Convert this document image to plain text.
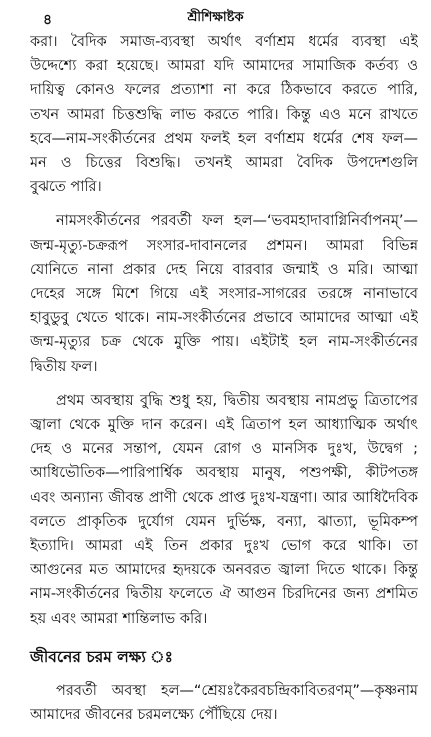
৪	শ্রীশিক্ষাষ্টক
করা। বৈদিক সমাজ-ব্যবস্থা অর্থাৎ বর্ণাশ্রম ধর্মের ব্যবস্থা এই
উদ্দেশ্যে করা হয়েছে। আমরা যদি আমাদের সামাজিক কর্তব্য ও
দায়িত্ব কোনও ফলের প্রত্যাশা না করে ঠিকভাবে করতে পারি,
তখন আমরা চিত্তশুদ্ধি লাভ করতে পারি। কিন্তু এও মনে রাখতে
হবে—নাম-সংকীর্তনের প্রথম ফলই হল বর্ণাশ্রম ধর্মের শেষ ফল—
মন ও চিত্তের বিশুদ্ধি। তখনই আমরা বৈদিক উপদেশগুলি
বুঝতে পারি।
নামসংকীর্তনের পরবর্তী ফল হল—‘ভবমহাদাবাগ্নিনির্বাপনম্’—
জন্ম-মৃত্যু-চক্ররূপ সংসার-দাবানলের প্রশমন। আমরা বিভিন্ন
যোনিতে নানা প্রকার দেহ নিয়ে বারবার জন্মাই ও মরি। আত্মা
দেহের সঙ্গে মিশে গিয়ে এই সংসার-সাগরের তরঙ্গে নানাভাবে
হাবুডুবু খেতে থাকে। নাম-সংকীর্তনের প্রভাবে আমাদের আত্মা এই
জন্ম-মৃত্যুর চক্র থেকে মুক্তি পায়। এইটাই হল নাম-সংকীর্তনের
দ্বিতীয় ফল।
প্রথম অবস্থায় বুদ্ধি শুধু হয়, দ্বিতীয় অবস্থায় নামপ্রভু ত্রিতাপের
জ্বালা থেকে মুক্তি দান করেন। এই ত্রিতাপ হল আধ্যাত্মিক অর্থাৎ
দেহ ও মনের সন্তাপ, যেমন রোগ ও মানসিক দুঃখ, উদ্বেগ ;
আধিভৌতিক—পারিপার্শ্বিক অবস্থায় মানুষ, পশুপক্ষী, কীটপতঙ্গ
এবং অন্যান্য জীবন্ত প্রাণী থেকে প্রাপ্ত দুঃখ-যন্ত্রণা। আর আধিদৈবিক
বলতে প্রাকৃতিক দুর্যোগ যেমন দুর্ভিক্ষ, বন্যা, ঝাত্যা, ভূমিকম্প
ইত্যাদি। আমরা এই তিন প্রকার দুঃখ ভোগ করে থাকি। তা
আগুনের মত আমাদের হৃদয়কে অনবরত জ্বালা দিতে থাকে। কিন্তু
নাম-সংকীর্তনের দ্বিতীয় ফলেতে ঐ আগুন চিরদিনের জন্য প্রশমিত
হয় এবং আমরা শান্তিলাভ করি।
জীবনের চরম লক্ষ্য ঃ
পরবর্তী অবস্থা হল—“শ্রেয়ঃকৈরবচন্দ্রিকাবিতরণম্”—কৃষ্ণনাম
আমাদের জীবনের চরমলক্ষ্যে পৌঁছিয়ে দেয়।
